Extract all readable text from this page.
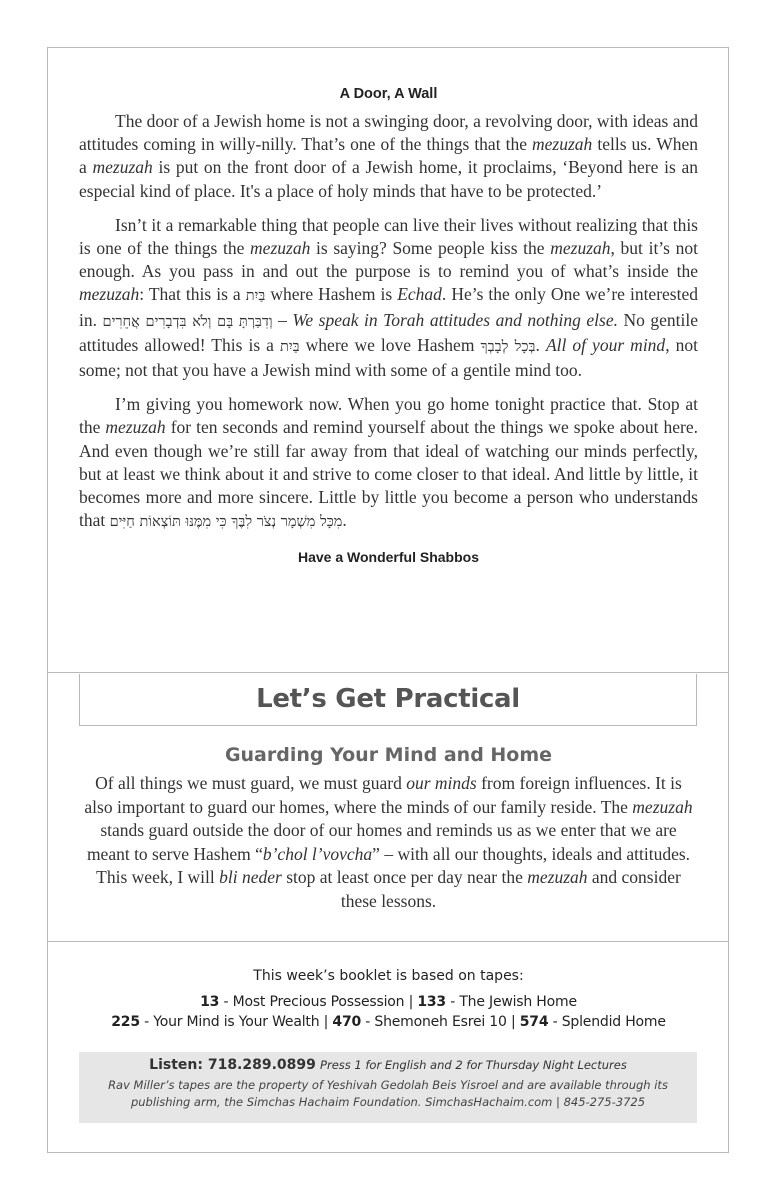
A Door, A Wall

The door of a Jewish home is not a swinging door, a revolving door, with ideas and attitudes coming in willy-nilly. That’s one of the things that the mezuzah tells us. When a mezuzah is put on the front door of a Jewish home, it proclaims, ‘Beyond here is an especial kind of place. It's a place of holy minds that have to be protected.’

Isn’t it a remarkable thing that people can live their lives without realizing that this is one of the things the mezuzah is saying? Some people kiss the mezuzah, but it’s not enough. As you pass in and out the purpose is to remind you of what’s inside the mezuzah: That this is a בַּיִת where Hashem is Echad. He’s the only One we’re interested in. וְדִבַּרְתָּ בָּם וְלֹא בִּדְבָרִים אֲחֵרִים – We speak in Torah attitudes and nothing else. No gentile attitudes allowed! This is a בַּיִת where we love Hashem בְּכָל לְבָבְךָ. All of your mind, not some; not that you have a Jewish mind with some of a gentile mind too.

I’m giving you homework now. When you go home tonight practice that. Stop at the mezuzah for ten seconds and remind yourself about the things we spoke about here. And even though we’re still far away from that ideal of watching our minds perfectly, but at least we think about it and strive to come closer to that ideal. And little by little, it becomes more and more sincere. Little by little you become a person who understands that מִכָּל מִשְׁמָר נְצֹר לִבֶּךָ כִּי מִמֶּנּוּ תּוֹצְאוֹת חַיִּים.

Have a Wonderful Shabbos
Let’s Get Practical
Guarding Your Mind and Home

Of all things we must guard, we must guard our minds from foreign influences. It is also important to guard our homes, where the minds of our family reside. The mezuzah stands guard outside the door of our homes and reminds us as we enter that we are meant to serve Hashem “b’chol l’vovcha” – with all our thoughts, ideals and attitudes. This week, I will bli neder stop at least once per day near the mezuzah and consider these lessons.

This week’s booklet is based on tapes:

13 - Most Precious Possession | 133 - The Jewish Home

225 - Your Mind is Your Wealth | 470 - Shemoneh Esrei 10 | 574 - Splendid Home

Listen: 718.289.0899 Press 1 for English and 2 for Thursday Night Lectures

Rav Miller’s tapes are the property of Yeshivah Gedolah Beis Yisroel and are available through its publishing arm, the Simchas Hachaim Foundation. SimchasHachaim.com | 845-275-3725
